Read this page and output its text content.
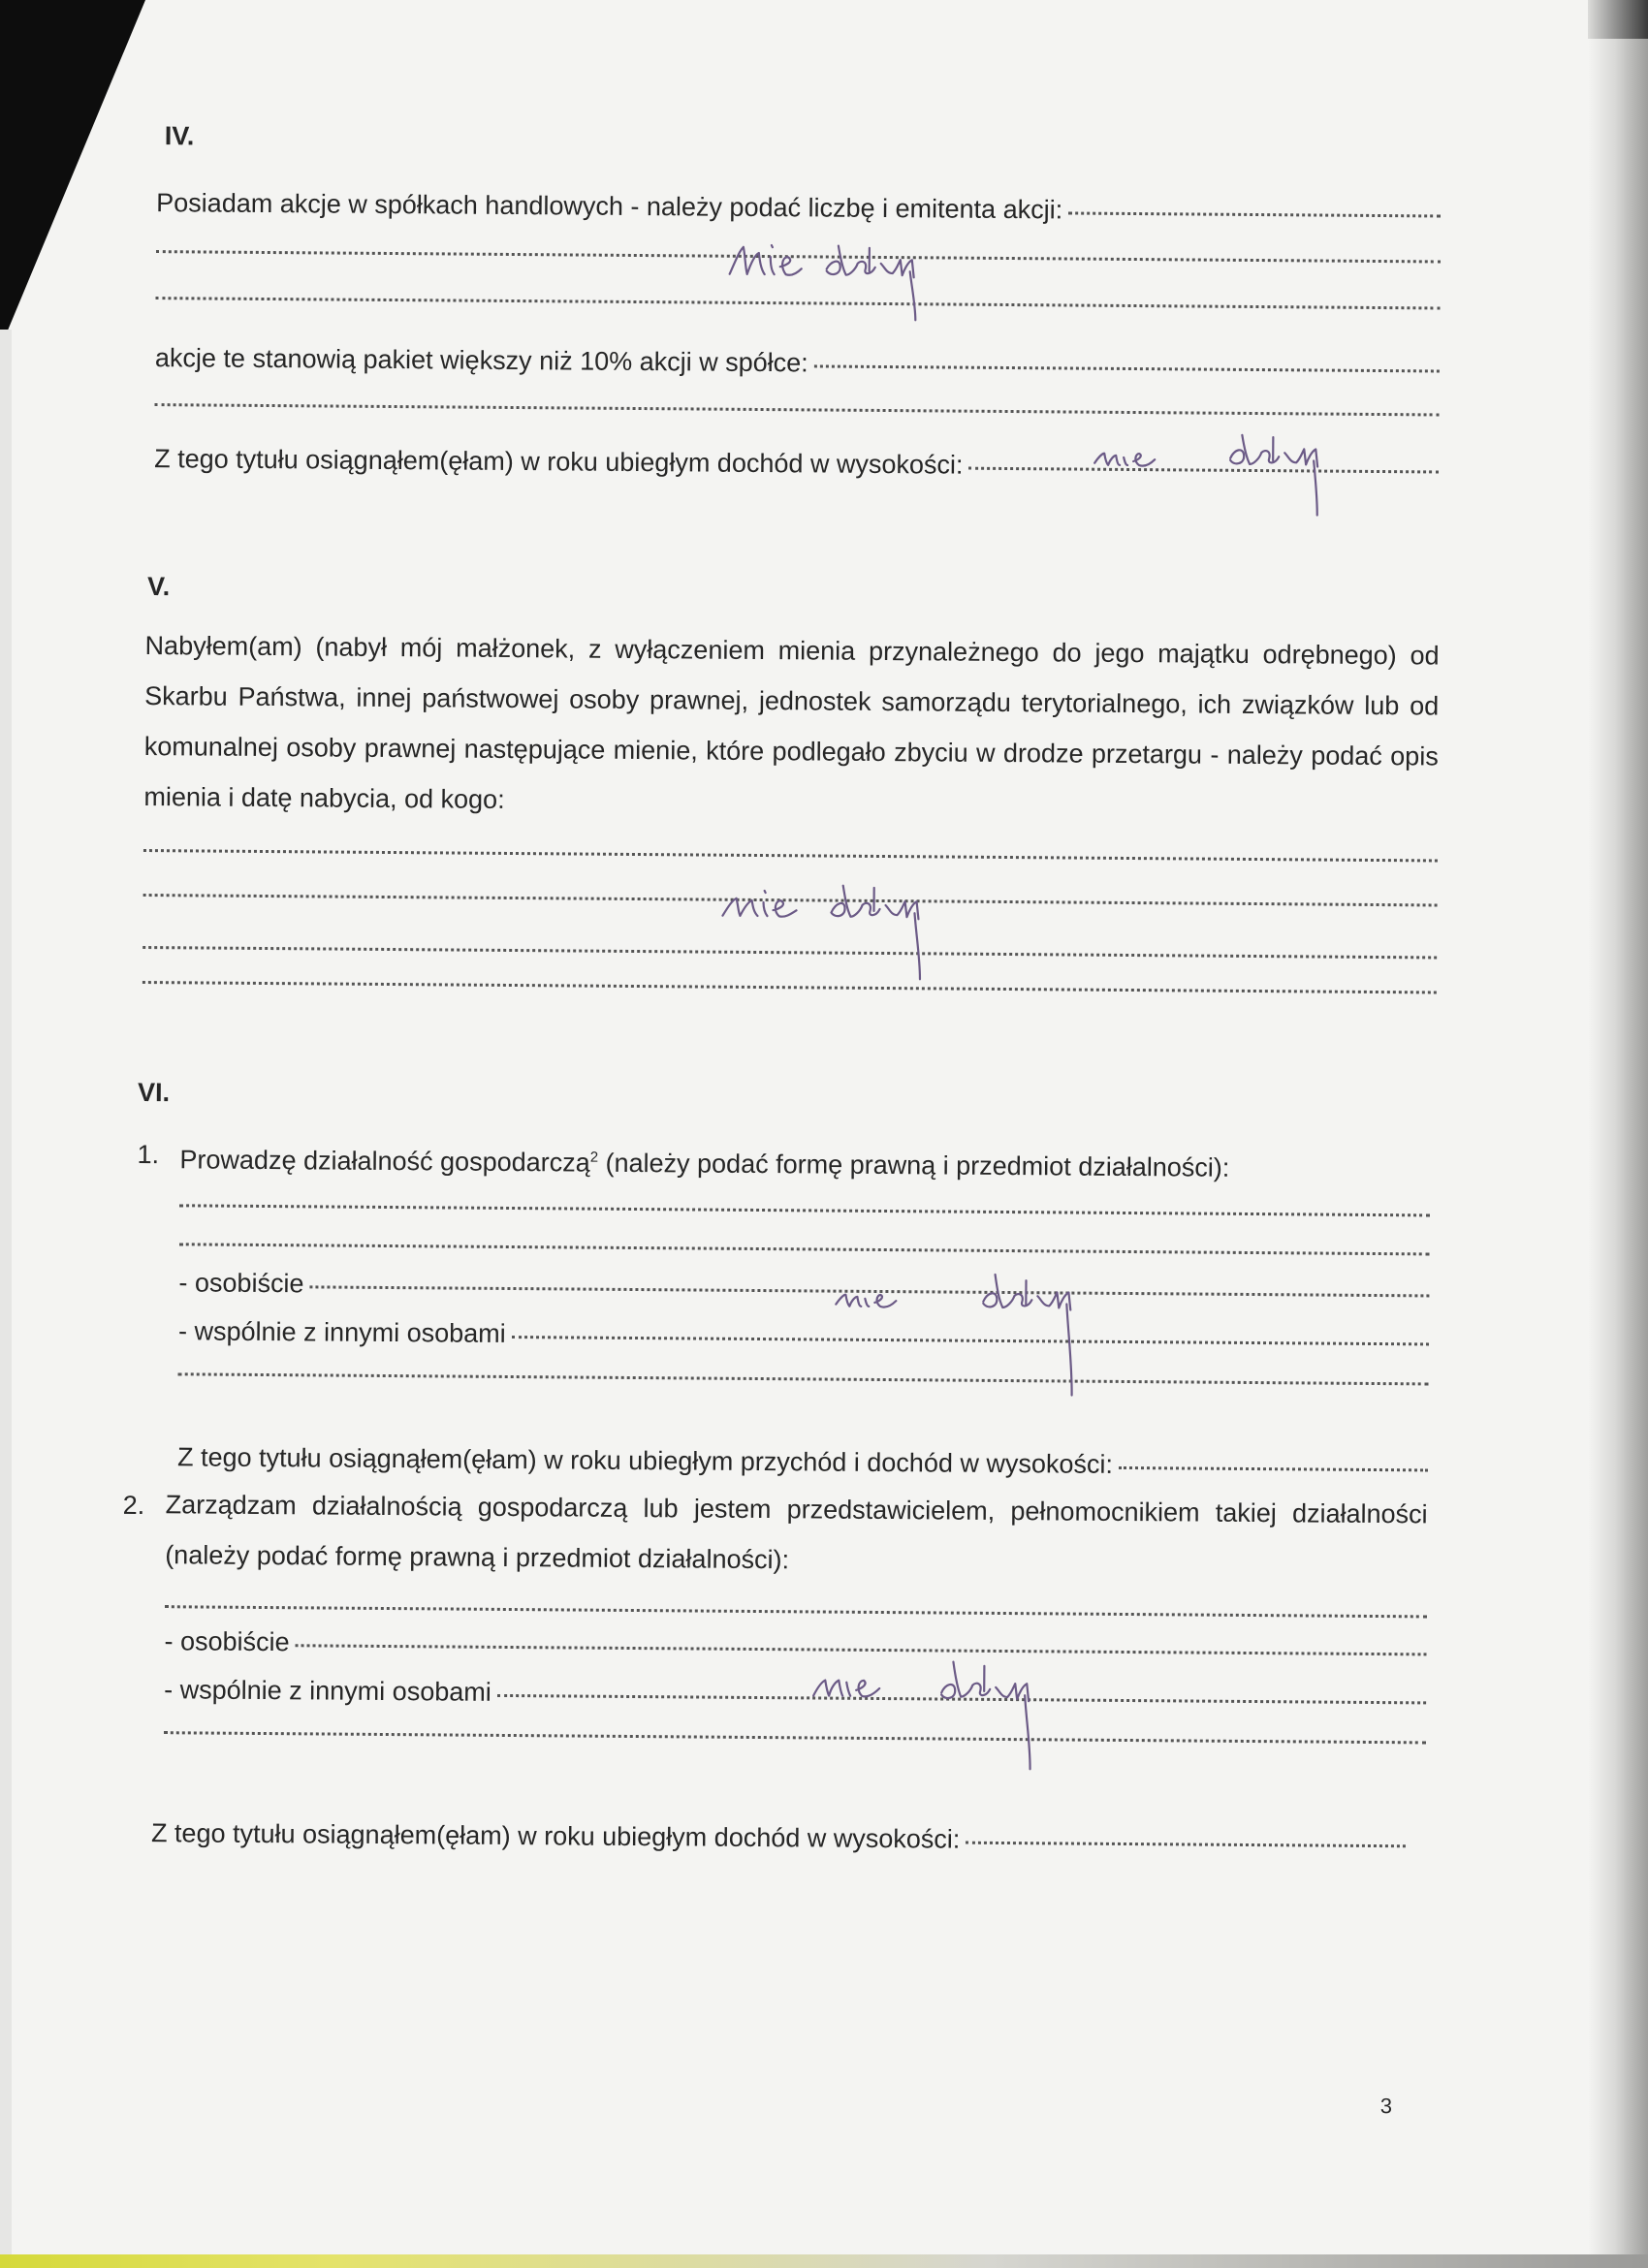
IV.
Posiadam akcje w spółkach handlowych - należy podać liczbę i emitenta akcji:
akcje te stanowią pakiet większy niż 10% akcji w spółce:
Z tego tytułu osiągnąłem(ęłam) w roku ubiegłym dochód w wysokości:
V.

Nabyłem(am) (nabył mój małżonek, z wyłączeniem mienia przynależnego do jego majątku odrębnego) od Skarbu Państwa, innej państwowej osoby prawnej, jednostek samorządu terytorialnego, ich związków lub od komunalnej osoby prawnej następujące mienie, które podlegało zbyciu w drodze przetargu - należy podać opis mienia i datę nabycia, od kogo:

VI.
1. Prowadzę działalność gospodarczą$^2$ (należy podać formę prawną i przedmiot działalności):
- osobiście
- wspólnie z innymi osobami
Z tego tytułu osiągnąłem(ęłam) w roku ubiegłym przychód i dochód w wysokości:
2. Zarządzam działalnością gospodarczą lub jestem przedstawicielem, pełnomocnikiem takiej działalności (należy podać formę prawną i przedmiot działalności):

- osobiście
- wspólnie z innymi osobami
Z tego tytułu osiągnąłem(ęłam) w roku ubiegłym dochód w wysokości:
3
